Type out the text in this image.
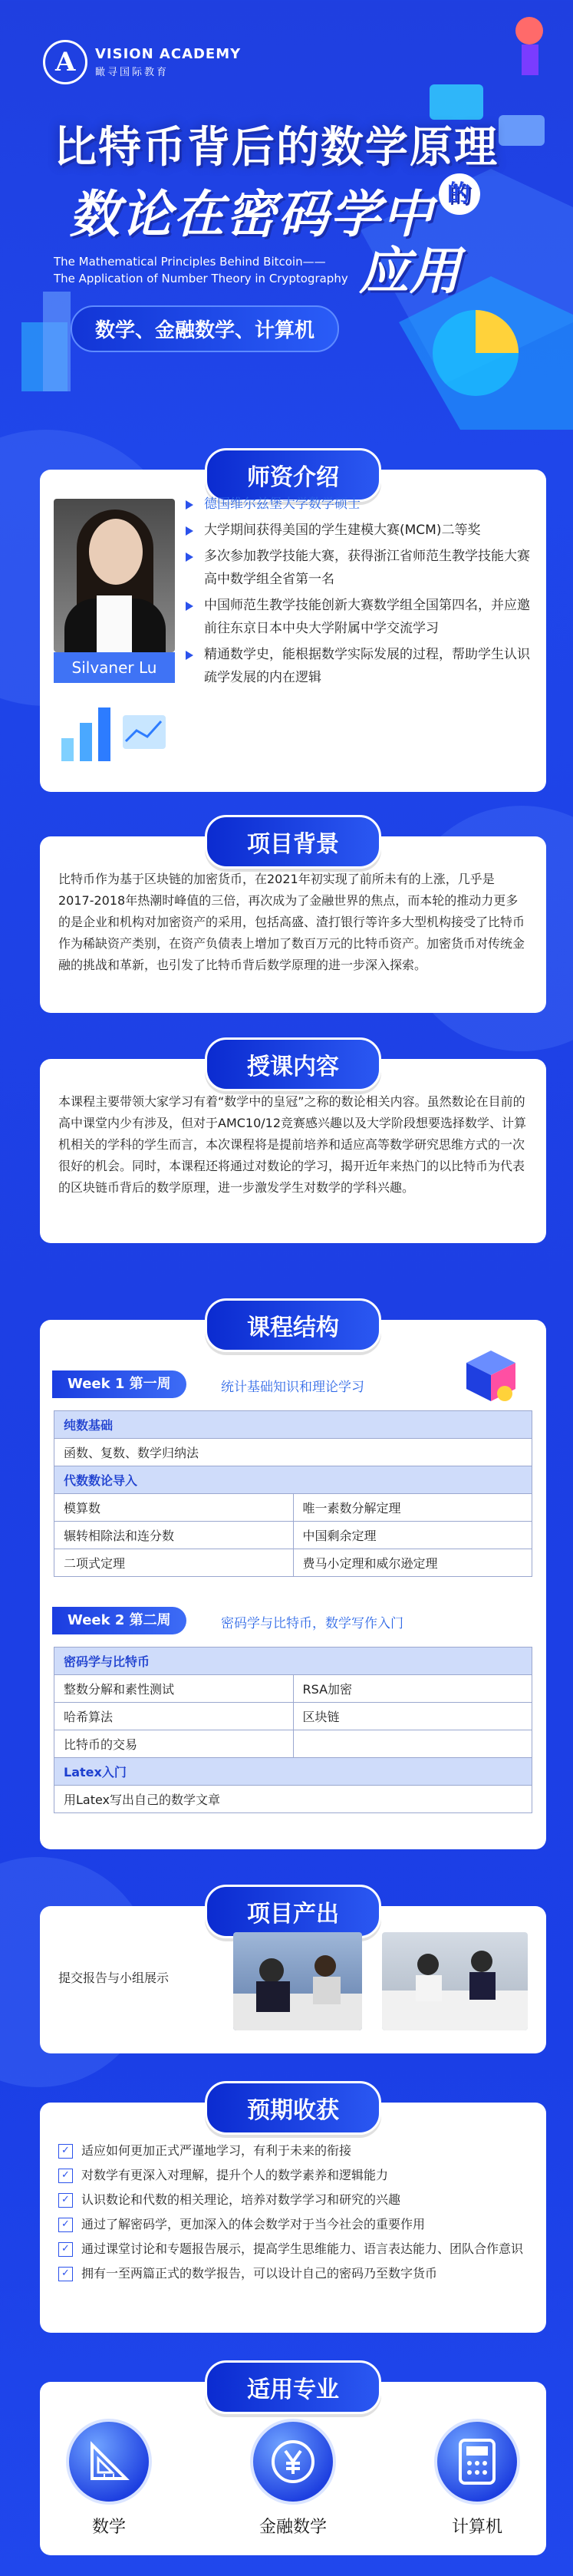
A
VISION ACADEMY
瞰寻国际教育
比特币背后的数学原理
数论在密码学中 的
应用
The Mathematical Principles Behind Bitcoin——
The Application of Number Theory in Cryptography
数学、金融数学、计算机
师资介绍
Silvaner Lu
德国维尔兹堡大学数学硕士
大学期间获得美国的学生建模大赛(MCM)二等奖
多次参加教学技能大赛，获得浙江省师范生教学技能大赛高中数学组全省第一名
中国师范生教学技能创新大赛数学组全国第四名，并应邀前往东京日本中央大学附属中学交流学习
精通数学史，能根据数学实际发展的过程，帮助学生认识疏学发展的内在逻辑
项目背景

比特币作为基于区块链的加密货币，在2021年初实现了前所未有的上涨，几乎是2017-2018年热潮时峰值的三倍，再次成为了金融世界的焦点，而本轮的推动力更多的是企业和机构对加密资产的采用，包括高盛、渣打银行等许多大型机构接受了比特币作为稀缺资产类别，在资产负债表上增加了数百万元的比特币资产。加密货币对传统金融的挑战和革新，也引发了比特币背后数学原理的进一步深入探索。

授课内容

本课程主要带领大家学习有着“数学中的皇冠”之称的数论相关内容。虽然数论在目前的高中课堂内少有涉及，但对于AMC10/12竞赛感兴趣以及大学阶段想要选择数学、计算机相关的学科的学生而言，本次课程将是提前培养和适应高等数学研究思维方式的一次很好的机会。同时，本课程还将通过对数论的学习，揭开近年来热门的以比特币为代表的区块链币背后的数学原理，进一步激发学生对数学的学科兴趣。

课程结构
Week 1 第一周	统计基础知识和理论学习
纯数基础	
函数、复数、数学归纳法	
代数数论导入	
模算数	唯一素数分解定理
辗转相除法和连分数	中国剩余定理
二项式定理	费马小定理和威尔逊定理
Week 2 第二周	密码学与比特币，数学写作入门
密码学与比特币	
整数分解和素性测试	RSA加密
哈希算法	区块链
比特币的交易	
Latex入门	
用Latex写出自己的数学文章	
项目产出
提交报告与小组展示
预期收获
✓ 适应如何更加正式严谨地学习，有利于未来的衔接
✓ 对数学有更深入对理解，提升个人的数学素养和逻辑能力
✓ 认识数论和代数的相关理论，培养对数学学习和研究的兴趣
✓ 通过了解密码学，更加深入的体会数学对于当今社会的重要作用
✓ 通过课堂讨论和专题报告展示，提高学生思维能力、语言表达能力、团队合作意识
✓ 拥有一至两篇正式的数学报告，可以设计自己的密码乃至数字货币
适用专业
数学	金融数学	计算机
